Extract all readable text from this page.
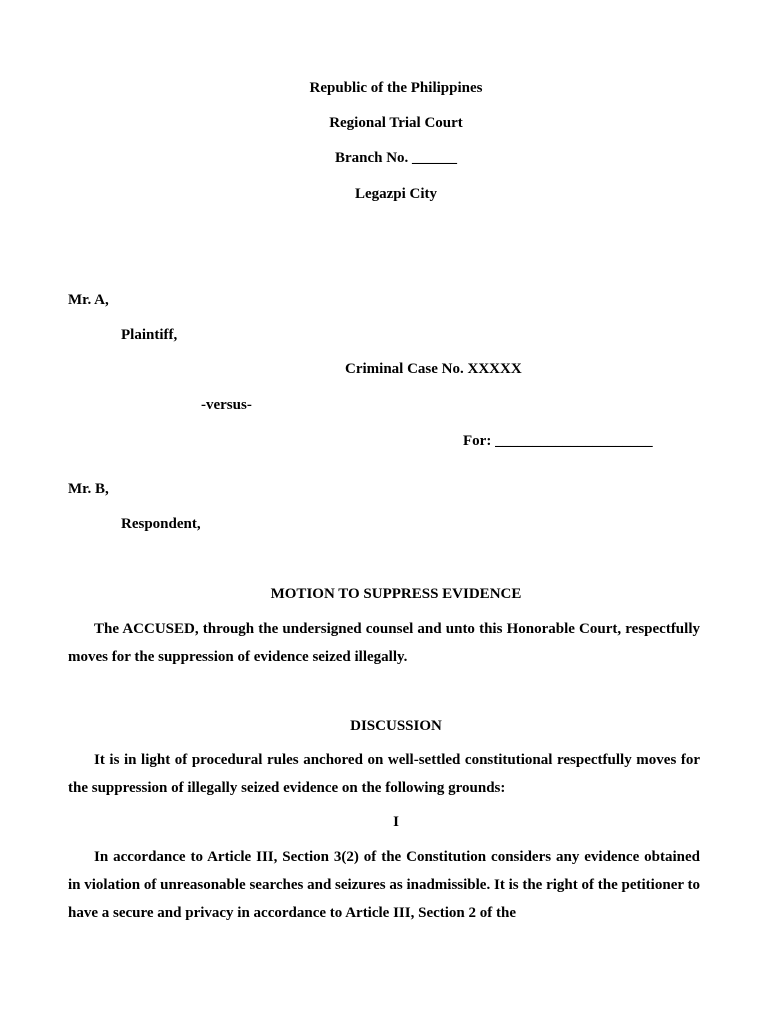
Republic of the Philippines
Regional Trial Court
Branch No. ______
Legazpi City
Mr. A,
Plaintiff,
Criminal Case No. XXXXX
-versus-
For: _____________________
Mr. B,
Respondent,
MOTION TO SUPPRESS EVIDENCE

The ACCUSED, through the undersigned counsel and unto this Honorable Court, respectfully moves for the suppression of evidence seized illegally.

DISCUSSION

It is in light of procedural rules anchored on well-settled constitutional respectfully moves for the suppression of illegally seized evidence on the following grounds:

I

In accordance to Article III, Section 3(2) of the Constitution considers any evidence obtained in violation of unreasonable searches and seizures as inadmissible. It is the right of the petitioner to have a secure and privacy in accordance to Article III, Section 2 of the
